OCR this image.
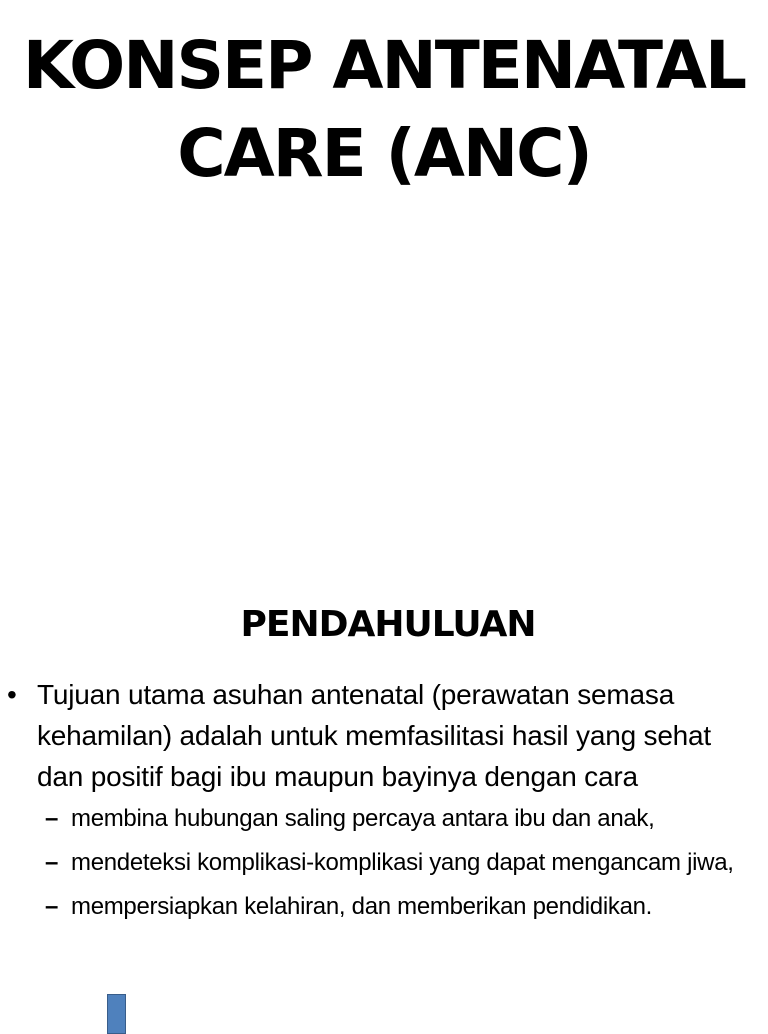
KONSEP ANTENATAL
CARE (ANC)
PENDAHULUAN
• Tujuan utama asuhan antenatal (perawatan semasa kehamilan) adalah untuk memfasilitasi hasil yang sehat dan positif bagi ibu maupun bayinya dengan cara
– membina hubungan saling percaya antara ibu dan anak,
– mendeteksi komplikasi-komplikasi yang dapat mengancam jiwa,
– mempersiapkan kelahiran, dan memberikan pendidikan.
